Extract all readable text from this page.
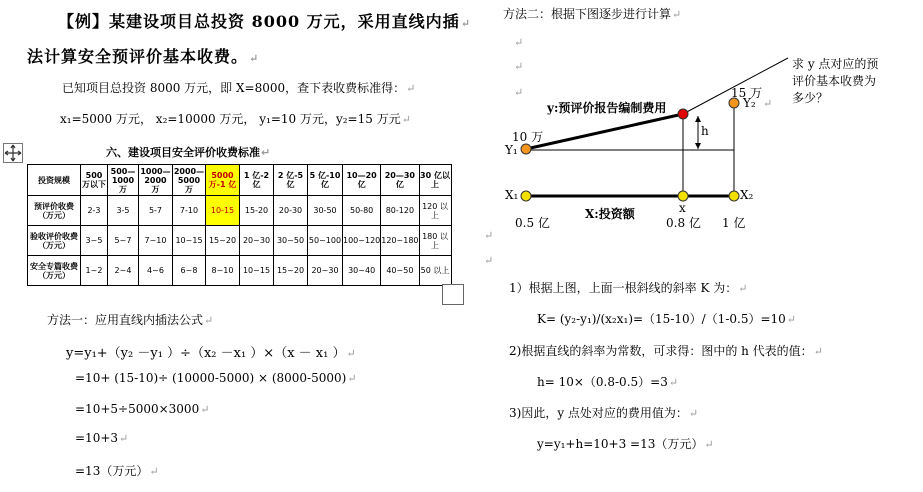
【例】某建设项目总投资 8000 万元，采用直线内插↵
法计算安全预评价基本收费。↵
已知项目总投资 8000 万元，即 X=8000，查下表收费标准得：↵
x₁=5000 万元， x₂=10000 万元， y₁=10 万元，y₂=15 万元↵
六、建设项目安全评价收费标准↵
投资规模	500 万以下	500—1000 万	1000—2000 万	2000—5000 万	5000 万-1 亿	1 亿-2 亿	2 亿-5 亿	5 亿-10 亿	10—20 亿	20—30 亿	30 亿以上
预评价收费（万元）	2-3	3-5	5-7	7-10	10-15	15-20	20-30	30-50	50-80	80-120	120 以上
验收评价收费（万元）	3~5	5~7	7~10	10~15	15~20	20~30	30~50	50~100	100~120	120~180	180 以上
安全专篇收费（万元）	1~2	2~4	4~6	6~8	8~10	10~15	15~20	20~30	30~40	40~50	50 以上
方法一：应用直线内插法公式↵
y=y₁+（y₂ －y₁ ）÷（x₂ －x₁ ）×（x － x₁ ）↵
=10+ (15-10)÷ (10000-5000) × (8000-5000)↵
=10+5÷5000×3000↵
=10+3↵
=13（万元）↵
方法二：根据下图逐步进行计算↵
↵
↵
↵
↵
↵
↵
求 y 点对应的预
评价基本收费为
多少？
15 万
Y₂
y:预评价报告编制费用
h
10 万
Y₁
X₁	X₂
x
X:投资额
0.5 亿	0.8 亿 1 亿
1）根据上图，上面一根斜线的斜率 K 为：↵
K= (y₂-y₁)/(x₂x₁)=（15-10）/（1-0.5）=10↵
2)根据直线的斜率为常数，可求得：图中的 h 代表的值：↵
h= 10×（0.8-0.5）=3↵
3)因此，y 点处对应的费用值为：↵
y=y₁+h=10+3 =13（万元）↵
